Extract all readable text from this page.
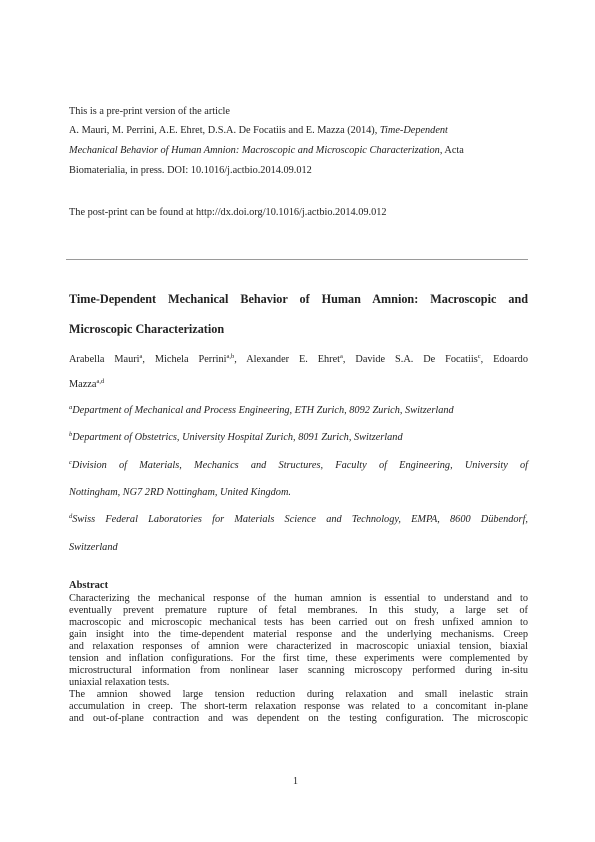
This is a pre-print version of the article
A. Mauri, M. Perrini, A.E. Ehret, D.S.A. De Focatiis and E. Mazza (2014), Time-Dependent
Mechanical Behavior of Human Amnion: Macroscopic and Microscopic Characterization, Acta
Biomaterialia, in press. DOI: 10.1016/j.actbio.2014.09.012
The post-print can be found at http://dx.doi.org/10.1016/j.actbio.2014.09.012
Time-Dependent Mechanical Behavior of Human Amnion: Macroscopic and
Microscopic Characterization
Arabella Mauri$^a$, Michela Perrini$^{a,b}$, Alexander E. Ehret$^a$, Davide S.A. De Focatiis$^c$, Edoardo
Mazza$^{a,d}$
$^a$Department of Mechanical and Process Engineering, ETH Zurich, 8092 Zurich, Switzerland
$^b$Department of Obstetrics, University Hospital Zurich, 8091 Zurich, Switzerland
$^c$Division of Materials, Mechanics and Structures, Faculty of Engineering, University of
Nottingham, NG7 2RD Nottingham, United Kingdom.
$^d$Swiss Federal Laboratories for Materials Science and Technology, EMPA, 8600 Dübendorf,
Switzerland
Abstract
Characterizing the mechanical response of the human amnion is essential to understand and to
eventually prevent premature rupture of fetal membranes. In this study, a large set of
macroscopic and microscopic mechanical tests has been carried out on fresh unfixed amnion to
gain insight into the time-dependent material response and the underlying mechanisms. Creep
and relaxation responses of amnion were characterized in macroscopic uniaxial tension, biaxial
tension and inflation configurations. For the first time, these experiments were complemented by
microstructural information from nonlinear laser scanning microscopy performed during in-situ
uniaxial relaxation tests.
The amnion showed large tension reduction during relaxation and small inelastic strain
accumulation in creep. The short-term relaxation response was related to a concomitant in-plane
and out-of-plane contraction and was dependent on the testing configuration. The microscopic
1
